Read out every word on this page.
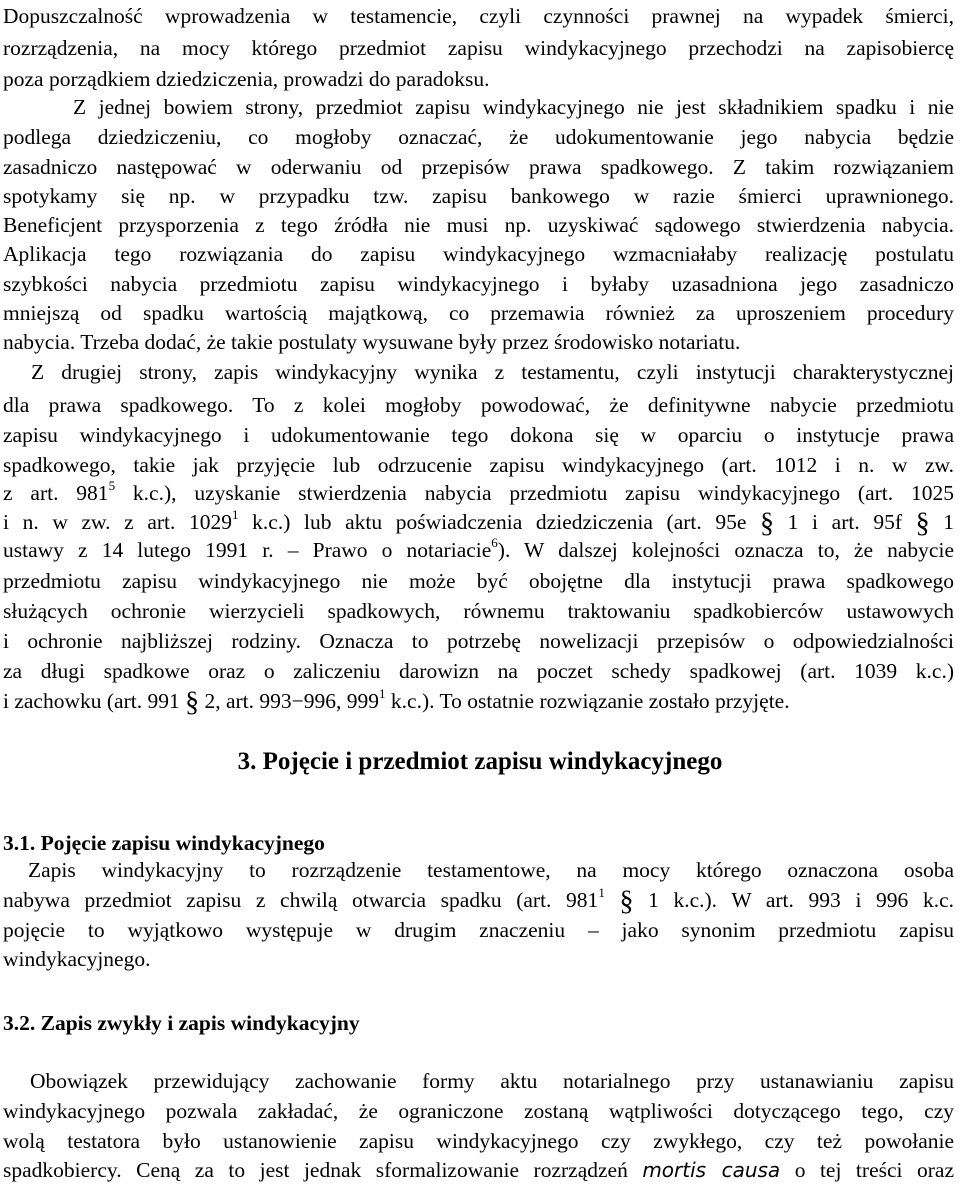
Dopuszczalność wprowadzenia w testamencie, czyli czynności prawnej na wypadek śmierci,
rozrządzenia, na mocy którego przedmiot zapisu windykacyjnego przechodzi na zapisobiercę
poza porządkiem dziedziczenia, prowadzi do paradoksu.
Z jednej bowiem strony, przedmiot zapisu windykacyjnego nie jest składnikiem spadku i nie
podlega dziedziczeniu, co mogłoby oznaczać, że udokumentowanie jego nabycia będzie
zasadniczo następować w oderwaniu od przepisów prawa spadkowego. Z takim rozwiązaniem
spotykamy się np. w przypadku tzw. zapisu bankowego w razie śmierci uprawnionego.
Beneficjent przysporzenia z tego źródła nie musi np. uzyskiwać sądowego stwierdzenia nabycia.
Aplikacja tego rozwiązania do zapisu windykacyjnego wzmacniałaby realizację postulatu
szybkości nabycia przedmiotu zapisu windykacyjnego i byłaby uzasadniona jego zasadniczo
mniejszą od spadku wartością majątkową, co przemawia również za uproszeniem procedury
nabycia. Trzeba dodać, że takie postulaty wysuwane były przez środowisko notariatu.
Z drugiej strony, zapis windykacyjny wynika z testamentu, czyli instytucji charakterystycznej
dla prawa spadkowego. To z kolei mogłoby powodować, że definitywne nabycie przedmiotu
zapisu windykacyjnego i udokumentowanie tego dokona się w oparciu o instytucje prawa
spadkowego, takie jak przyjęcie lub odrzucenie zapisu windykacyjnego (art. 1012 i n. w zw.
z art. $981^5$ k.c.), uzyskanie stwierdzenia nabycia przedmiotu zapisu windykacyjnego (art. 1025
i n. w zw. z art. 1029$^1$ k.c.) lub aktu poświadczenia dziedziczenia (art. 95e § 1 i art. 95f § 1
ustawy z 14 lutego 1991 r. – Prawo o notariacie$^6$). W dalszej kolejności oznacza to, że nabycie
przedmiotu zapisu windykacyjnego nie może być obojętne dla instytucji prawa spadkowego
służących ochronie wierzycieli spadkowych, równemu traktowaniu spadkobierców ustawowych
i ochronie najbliższej rodziny. Oznacza to potrzebę nowelizacji przepisów o odpowiedzialności
za długi spadkowe oraz o zaliczeniu darowizn na poczet schedy spadkowej (art. 1039 k.c.)
i zachowku (art. 991 § 2, art. 993−996, $999^1$ k.c.). To ostatnie rozwiązanie zostało przyjęte.
3. Pojęcie i przedmiot zapisu windykacyjnego
3.1. Pojęcie zapisu windykacyjnego
Zapis windykacyjny to rozrządzenie testamentowe, na mocy którego oznaczona osoba
nabywa przedmiot zapisu z chwilą otwarcia spadku (art. $981^1$ § 1 k.c.). W art. 993 i 996 k.c.
pojęcie to wyjątkowo występuje w drugim znaczeniu – jako synonim przedmiotu zapisu
windykacyjnego.
3.2. Zapis zwykły i zapis windykacyjny
Obowiązek przewidujący zachowanie formy aktu notarialnego przy ustanawianiu zapisu
windykacyjnego pozwala zakładać, że ograniczone zostaną wątpliwości dotyczącego tego, czy
wolą testatora było ustanowienie zapisu windykacyjnego czy zwykłego, czy też powołanie
spadkobiercy. Ceną za to jest jednak sformalizowanie rozrządzeń mortis causa o tej treści oraz
